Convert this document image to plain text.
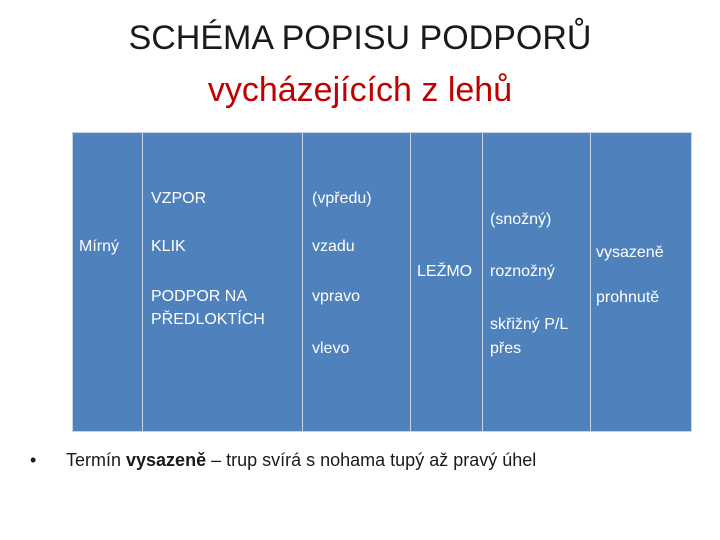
SCHÉMA POPISU PODPORŮ
vycházejících z lehů
Mírný
VZPOR
KLIK
PODPOR NA
PŘEDLOKTÍCH
(vpředu)
vzadu
vpravo
vlevo
LEŽMO
(snožný)
roznožný
skřižný P/L
přes
vysazeně
prohnutě
• Termín vysazeně – trup svírá s nohama tupý až pravý úhel
